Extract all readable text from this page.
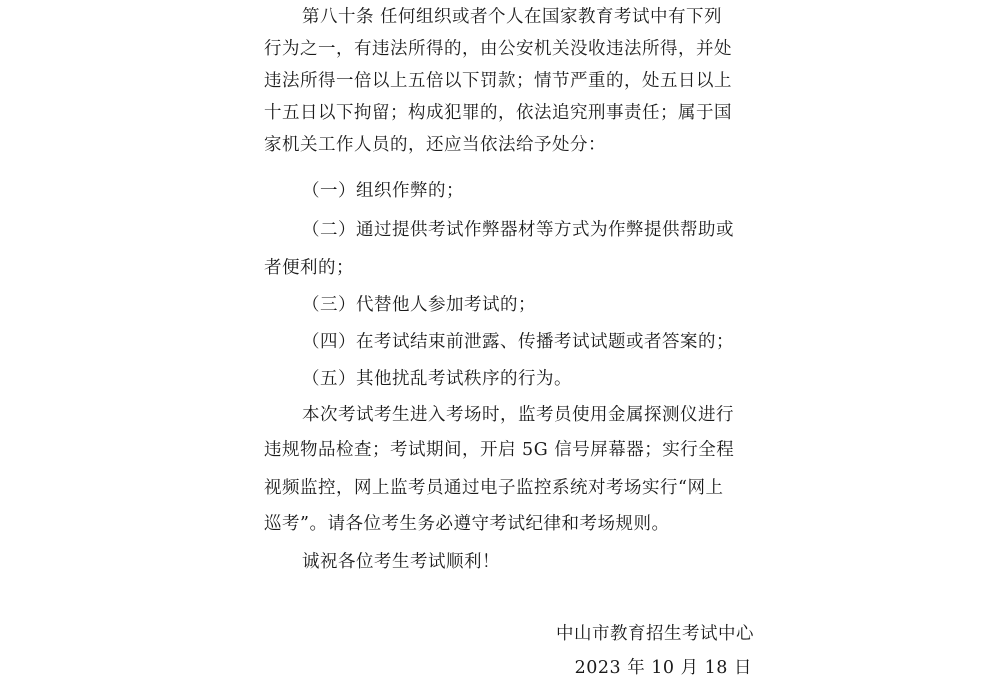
第八十条 任何组织或者个人在国家教育考试中有下列
行为之一，有违法所得的，由公安机关没收违法所得，并处
违法所得一倍以上五倍以下罚款；情节严重的，处五日以上
十五日以下拘留；构成犯罪的，依法追究刑事责任；属于国
家机关工作人员的，还应当依法给予处分：
（一）组织作弊的；
（二）通过提供考试作弊器材等方式为作弊提供帮助或
者便利的；
（三）代替他人参加考试的；
（四）在考试结束前泄露、传播考试试题或者答案的；
（五）其他扰乱考试秩序的行为。
本次考试考生进入考场时，监考员使用金属探测仪进行
违规物品检查；考试期间，开启 5G 信号屏幕器；实行全程
视频监控，网上监考员通过电子监控系统对考场实行“网上
巡考”。请各位考生务必遵守考试纪律和考场规则。
诚祝各位考生考试顺利！
中山市教育招生考试中心
2023 年 10 月 18 日
